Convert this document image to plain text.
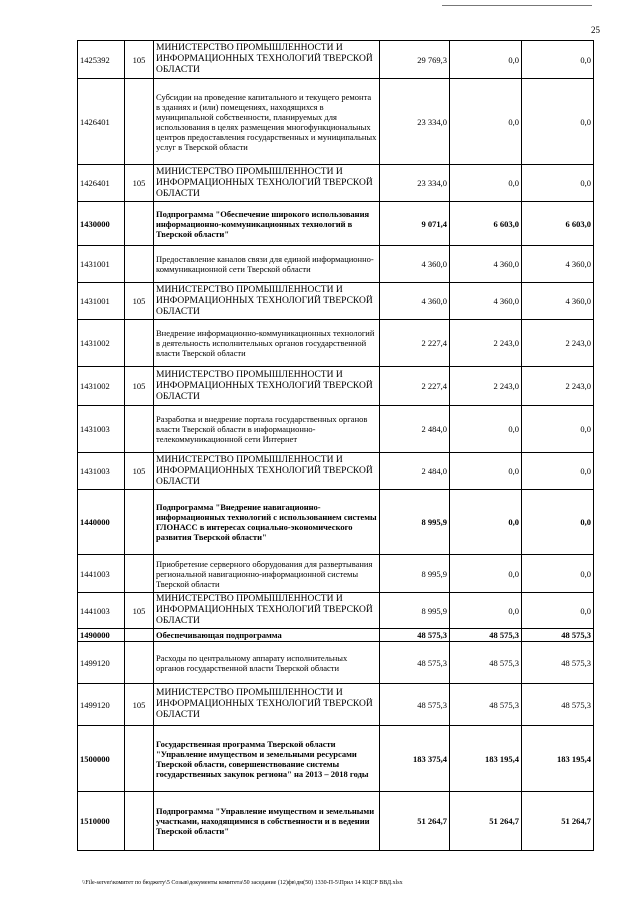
25
1425392	105	МИНИСТЕРСТВО ПРОМЫШЛЕННОСТИ И ИНФОРМАЦИОННЫХ ТЕХНОЛОГИЙ ТВЕРСКОЙ ОБЛАСТИ	29 769,3	0,0	0,0
1426401		Субсидии на проведение капитального и текущего ремонта в зданиях и (или) помещениях, находящихся в муниципальной собственности, планируемых для использования в целях размещения многофункциональных центров предоставления государственных и муниципальных услуг в Тверской области	23 334,0	0,0	0,0
1426401	105	МИНИСТЕРСТВО ПРОМЫШЛЕННОСТИ И ИНФОРМАЦИОННЫХ ТЕХНОЛОГИЙ ТВЕРСКОЙ ОБЛАСТИ	23 334,0	0,0	0,0
1430000		Подпрограмма "Обеспечение широкого использования информационно-коммуникационных технологий в Тверской области"	9 071,4	6 603,0	6 603,0
1431001		Предоставление каналов связи для единой информационно-коммуникационной сети Тверской области	4 360,0	4 360,0	4 360,0
1431001	105	МИНИСТЕРСТВО ПРОМЫШЛЕННОСТИ И ИНФОРМАЦИОННЫХ ТЕХНОЛОГИЙ ТВЕРСКОЙ ОБЛАСТИ	4 360,0	4 360,0	4 360,0
1431002		Внедрение информационно-коммуникационных технологий в деятельность исполнительных органов государственной власти Тверской области	2 227,4	2 243,0	2 243,0
1431002	105	МИНИСТЕРСТВО ПРОМЫШЛЕННОСТИ И ИНФОРМАЦИОННЫХ ТЕХНОЛОГИЙ ТВЕРСКОЙ ОБЛАСТИ	2 227,4	2 243,0	2 243,0
1431003		Разработка и внедрение портала государственных органов власти Тверской области в информационно-телекоммуникационной сети Интернет	2 484,0	0,0	0,0
1431003	105	МИНИСТЕРСТВО ПРОМЫШЛЕННОСТИ И ИНФОРМАЦИОННЫХ ТЕХНОЛОГИЙ ТВЕРСКОЙ ОБЛАСТИ	2 484,0	0,0	0,0
1440000		Подпрограмма "Внедрение навигационно-информационных технологий с использованием системы ГЛОНАСС в интересах социально-экономического развития Тверской области"	8 995,9	0,0	0,0
1441003		Приобретение серверного оборудования для развертывания региональной навигационно-информационной системы Тверской области	8 995,9	0,0	0,0
1441003	105	МИНИСТЕРСТВО ПРОМЫШЛЕННОСТИ И ИНФОРМАЦИОННЫХ ТЕХНОЛОГИЙ ТВЕРСКОЙ ОБЛАСТИ	8 995,9	0,0	0,0
1490000		Обеспечивающая подпрограмма	48 575,3	48 575,3	48 575,3
1499120		Расходы по центральному аппарату исполнительных органов государственной власти Тверской области	48 575,3	48 575,3	48 575,3
1499120	105	МИНИСТЕРСТВО ПРОМЫШЛЕННОСТИ И ИНФОРМАЦИОННЫХ ТЕХНОЛОГИЙ ТВЕРСКОЙ ОБЛАСТИ	48 575,3	48 575,3	48 575,3
1500000		Государственная программа Тверской области "Управление имуществом и земельными ресурсами Тверской области, совершенствование системы государственных закупок региона" на 2013 – 2018 годы	183 375,4	183 195,4	183 195,4
1510000		Подпрограмма "Управление имуществом и земельными участками, находящимися в собственности и в ведении Тверской области"	51 264,7	51 264,7	51 264,7
\\File-server\комитет по бюджету\5 Созыв\документы комитета\50 заседание (12)фв\дм(50) 1330-П-5\Прил 14 КЦСР ВВД.xlsx
